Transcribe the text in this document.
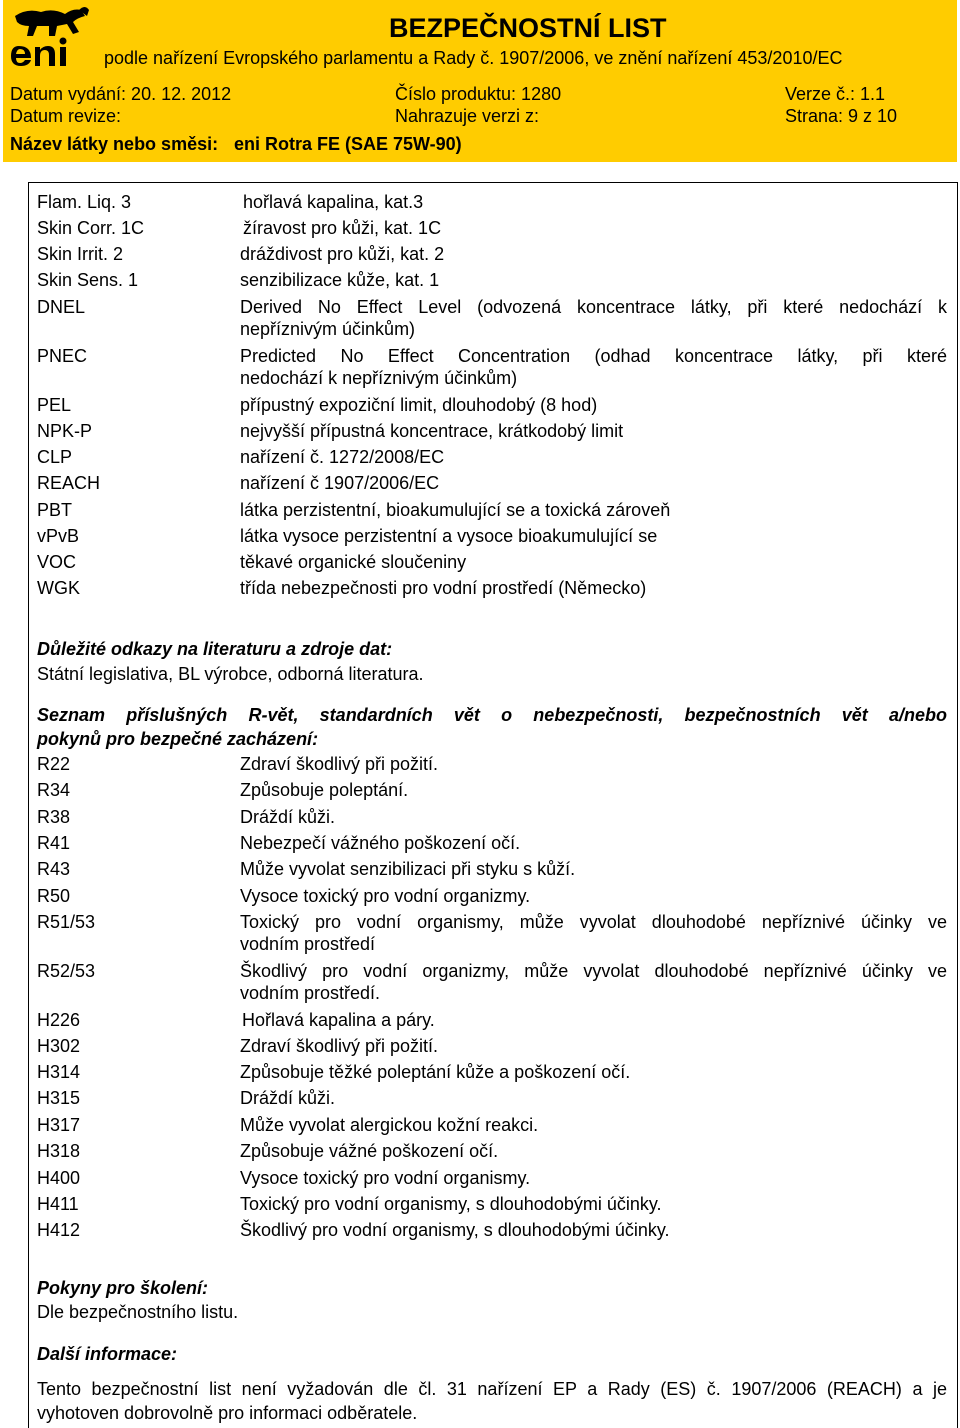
BEZPEČNOSTNÍ LIST
podle nařízení Evropského parlamentu a Rady č. 1907/2006, ve znění nařízení 453/2010/EC
Datum vydání: 20. 12. 2012	Číslo produktu: 1280	Verze č.: 1.1
Datum revize:	Nahrazuje verzi z:	Strana: 9 z 10
Název látky nebo směsi: eni Rotra FE (SAE 75W-90)
Flam. Liq. 3	hořlavá kapalina, kat.3
Skin Corr. 1C	žíravost pro kůži, kat. 1C
Skin Irrit. 2	dráždivost pro kůži, kat. 2
Skin Sens. 1	senzibilizace kůže, kat. 1
DNEL	Derived No Effect Level (odvozená koncentrace látky, při které nedochází k
nepříznivým účinkům)
PNEC	Predicted No Effect Concentration (odhad koncentrace látky, při které
nedochází k nepříznivým účinkům)
PEL	přípustný expoziční limit, dlouhodobý (8 hod)
NPK-P	nejvyšší přípustná koncentrace, krátkodobý limit
CLP	nařízení č. 1272/2008/EC
REACH	nařízení č 1907/2006/EC
PBT	látka perzistentní, bioakumulující se a toxická zároveň
vPvB	látka vysoce perzistentní a vysoce bioakumulující se
VOC	těkavé organické sloučeniny
WGK	třída nebezpečnosti pro vodní prostředí (Německo)
Důležité odkazy na literaturu a zdroje dat:
Státní legislativa, BL výrobce, odborná literatura.
Seznam příslušných R-vět, standardních vět o nebezpečnosti, bezpečnostních vět a/nebo
pokynů pro bezpečné zacházení:
R22	Zdraví škodlivý při požití.
R34	Způsobuje poleptání.
R38	Dráždí kůži.
R41	Nebezpečí vážného poškození očí.
R43	Může vyvolat senzibilizaci při styku s kůží.
R50	Vysoce toxický pro vodní organizmy.
R51/53	Toxický pro vodní organismy, může vyvolat dlouhodobé nepříznivé účinky ve
vodním prostředí
R52/53	Škodlivý pro vodní organizmy, může vyvolat dlouhodobé nepříznivé účinky ve
vodním prostředí.
H226	Hořlavá kapalina a páry.
H302	Zdraví škodlivý při požití.
H314	Způsobuje těžké poleptání kůže a poškození očí.
H315	Dráždí kůži.
H317	Může vyvolat alergickou kožní reakci.
H318	Způsobuje vážné poškození očí.
H400	Vysoce toxický pro vodní organismy.
H411	Toxický pro vodní organismy, s dlouhodobými účinky.
H412	Škodlivý pro vodní organismy, s dlouhodobými účinky.
Pokyny pro školení:
Dle bezpečnostního listu.
Další informace:
Tento bezpečnostní list není vyžadován dle čl. 31 nařízení EP a Rady (ES) č. 1907/2006 (REACH) a je
vyhotoven dobrovolně pro informaci odběratele.
